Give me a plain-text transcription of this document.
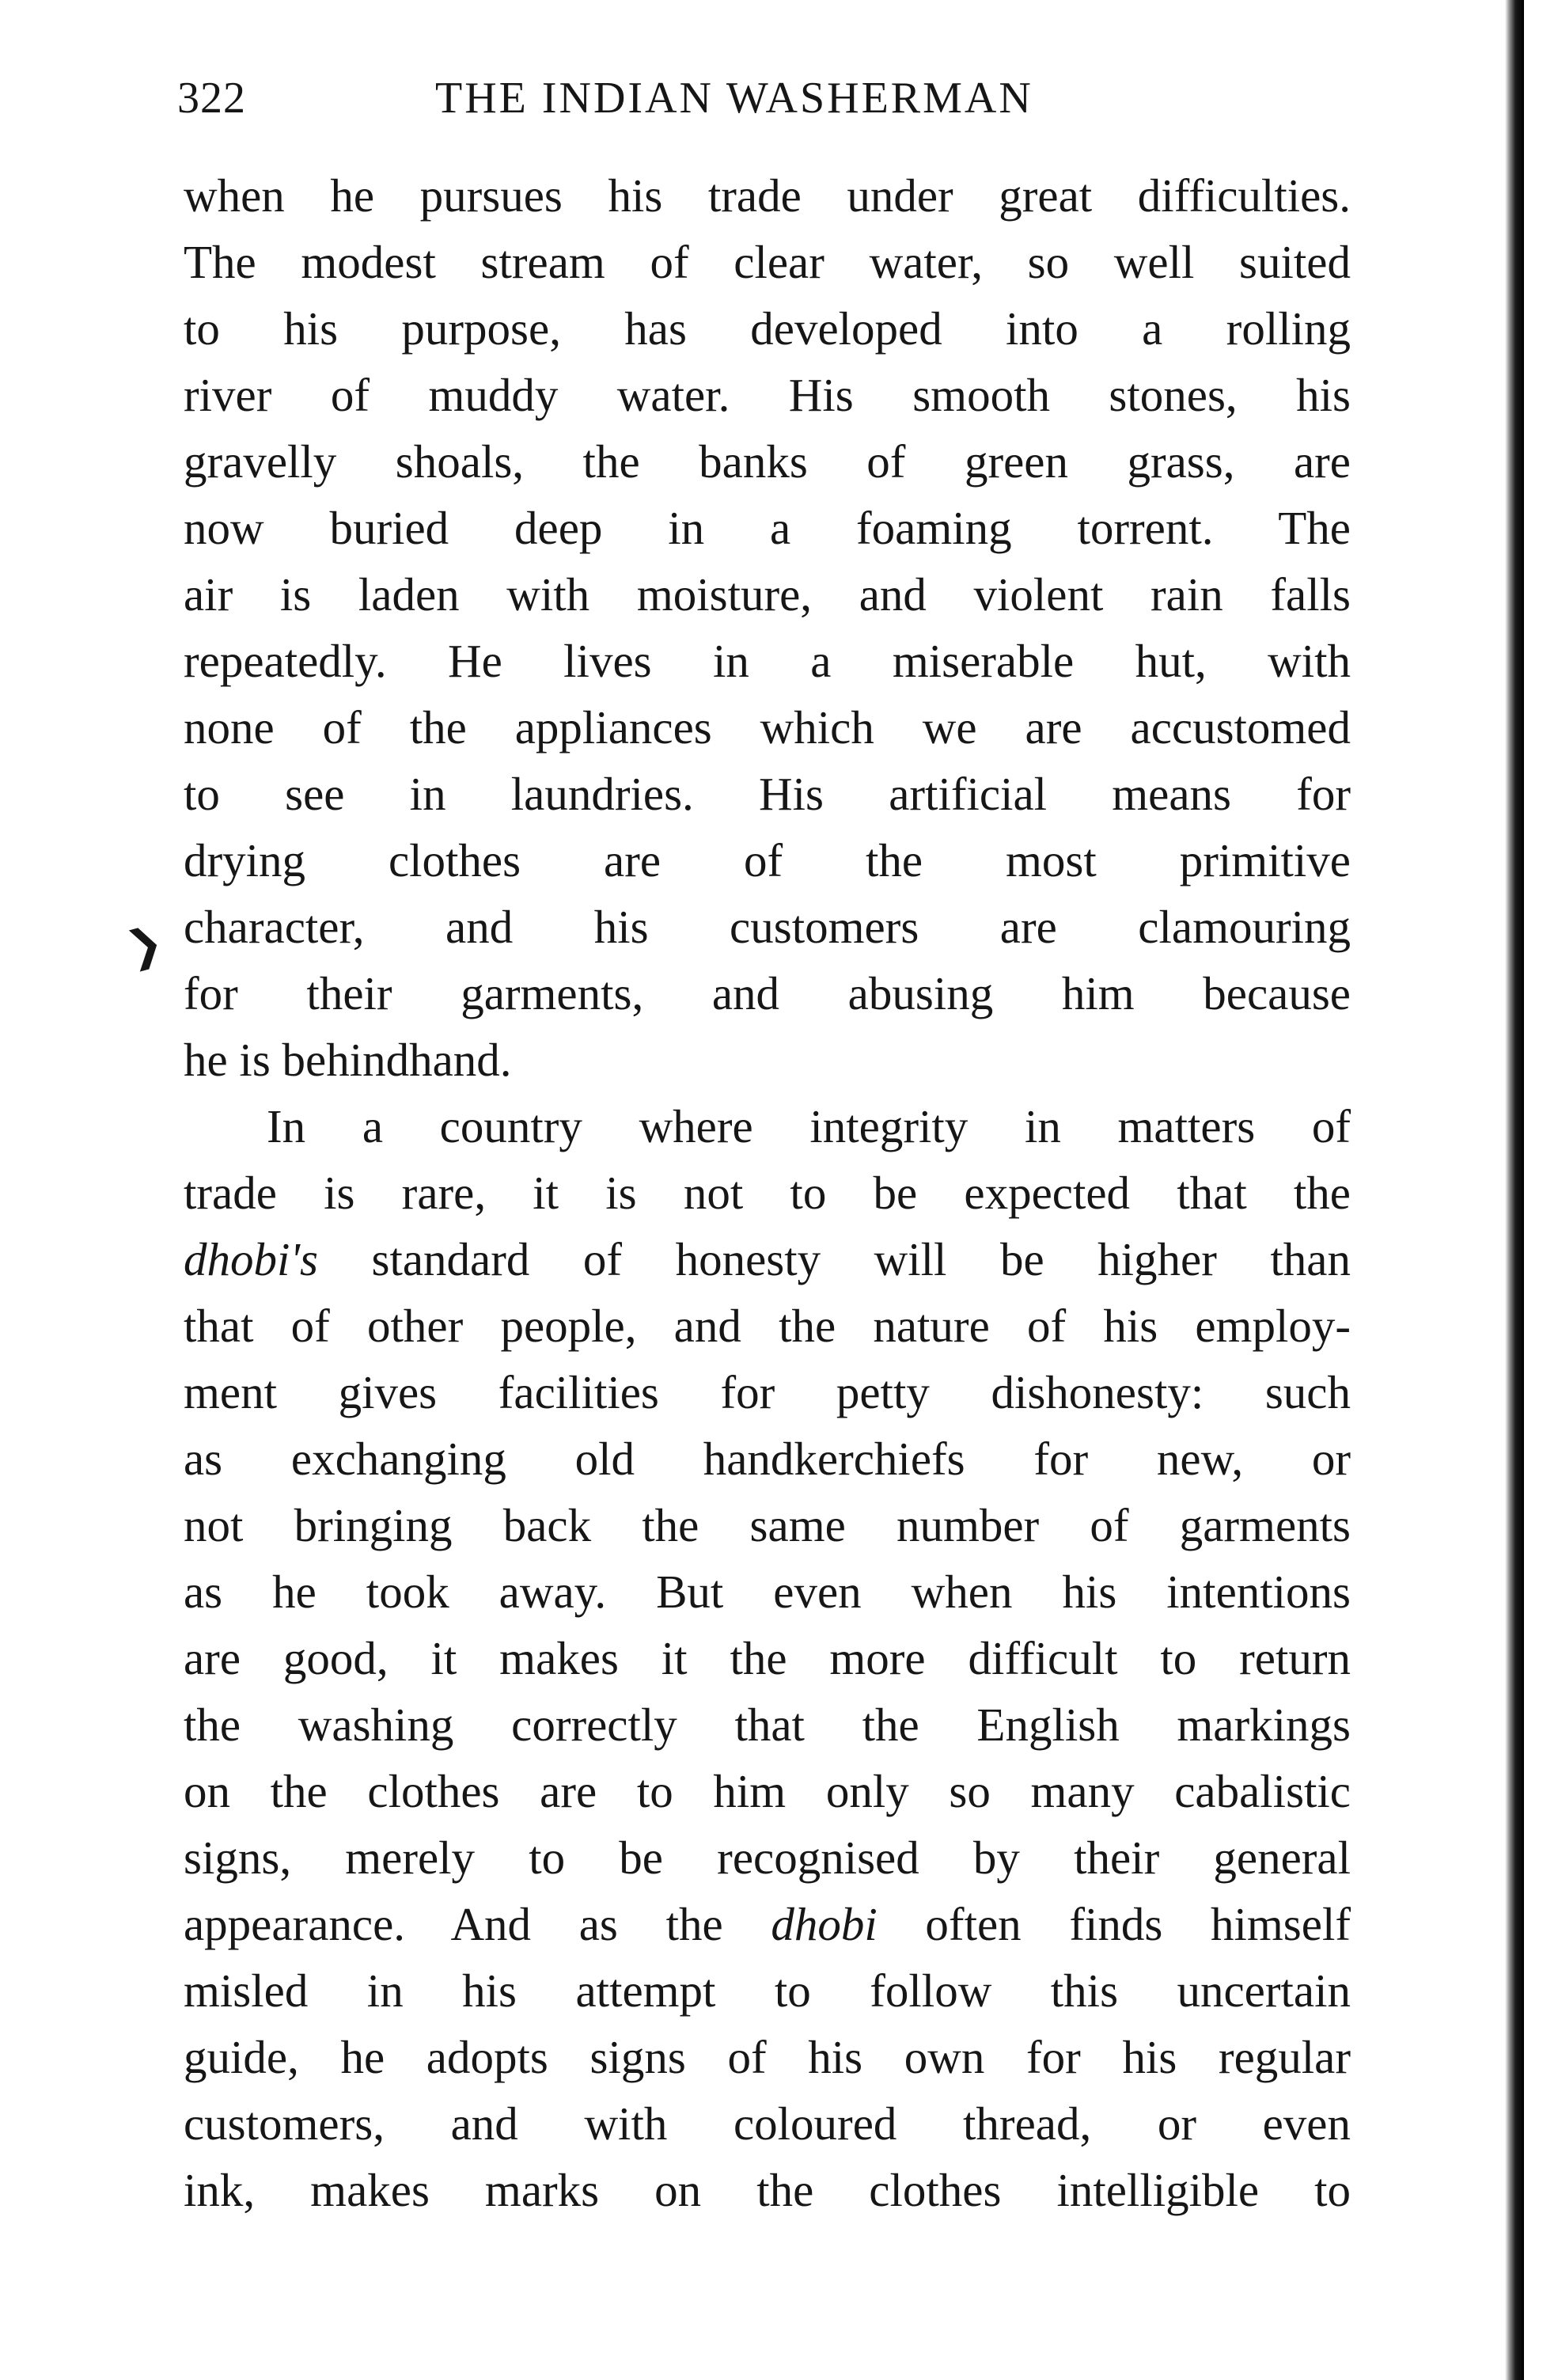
322	THE INDIAN WASHERMAN
❯
when he pursues his trade under great difficulties.
The modest stream of clear water, so well suited
to his purpose, has developed into a rolling
river of muddy water. His smooth stones, his
gravelly shoals, the banks of green grass, are
now buried deep in a foaming torrent. The
air is laden with moisture, and violent rain falls
repeatedly. He lives in a miserable hut, with
none of the appliances which we are accustomed
to see in laundries. His artificial means for
drying clothes are of the most primitive
character, and his customers are clamouring
for their garments, and abusing him because
he is behindhand.
In a country where integrity in matters of
trade is rare, it is not to be expected that the
dhobi's standard of honesty will be higher than
that of other people, and the nature of his employ-
ment gives facilities for petty dishonesty: such
as exchanging old handkerchiefs for new, or
not bringing back the same number of garments
as he took away. But even when his intentions
are good, it makes it the more difficult to return
the washing correctly that the English markings
on the clothes are to him only so many cabalistic
signs, merely to be recognised by their general
appearance. And as the dhobi often finds himself
misled in his attempt to follow this uncertain
guide, he adopts signs of his own for his regular
customers, and with coloured thread, or even
ink, makes marks on the clothes intelligible to
